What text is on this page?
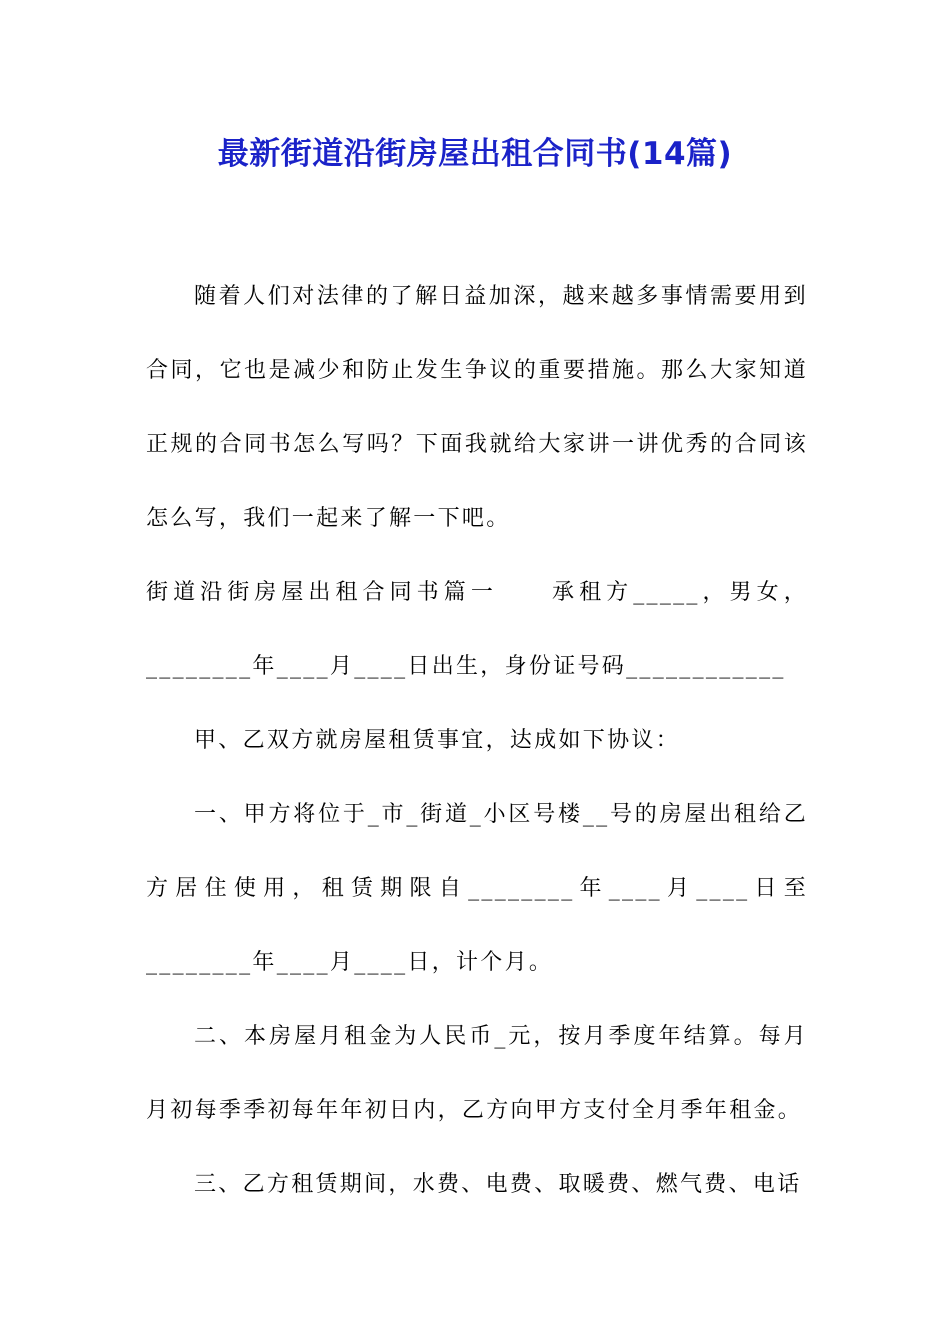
最新街道沿街房屋出租合同书(14篇)

随着人们对法律的了解日益加深，越来越多事情需要用到合同，它也是减少和防止发生争议的重要措施。那么大家知道正规的合同书怎么写吗？下面我就给大家讲一讲优秀的合同该怎么写，我们一起来了解一下吧。

街道沿街房屋出租合同书篇一　　承租方_____，男女，________年____月____日出生，身份证号码____________

甲、乙双方就房屋租赁事宜，达成如下协议：

一、甲方将位于_市_街道_小区号楼__号的房屋出租给乙方居住使用，租赁期限自________年____月____日至________年____月____日，计个月。

二、本房屋月租金为人民币_元，按月季度年结算。每月月初每季季初每年年初日内，乙方向甲方支付全月季年租金。

三、乙方租赁期间，水费、电费、取暖费、燃气费、电话
